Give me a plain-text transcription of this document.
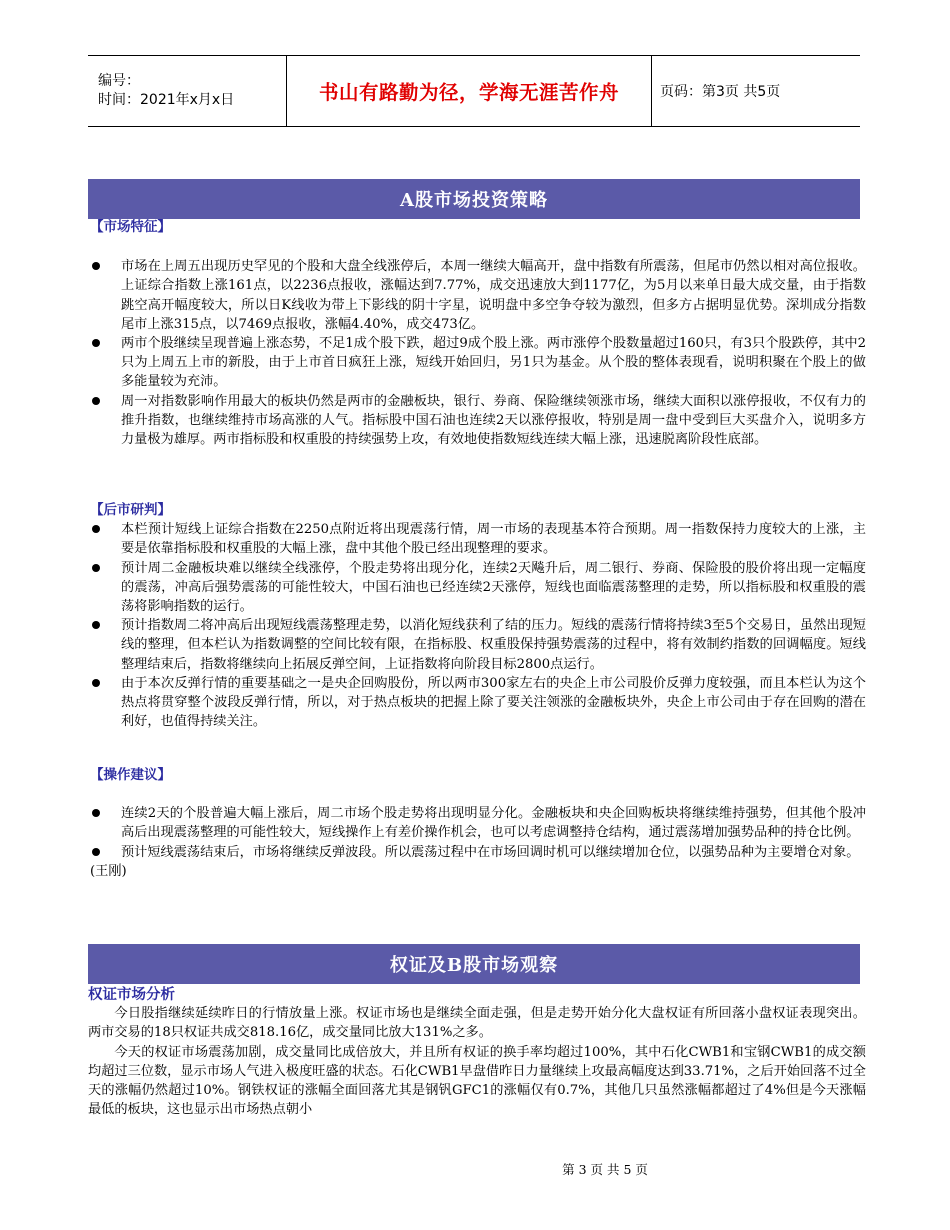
编号：
时间：2021年x月x日	书山有路勤为径，学海无涯苦作舟	页码：第3页 共5页
A股市场投资策略
【市场特征】
市场在上周五出现历史罕见的个股和大盘全线涨停后，本周一继续大幅高开，盘中指数有所震荡，但尾市仍然以相对高位报收。上证综合指数上涨161点，以2236点报收，涨幅达到7.77%，成交迅速放大到1177亿，为5月以来单日最大成交量，由于指数跳空高开幅度较大，所以日K线收为带上下影线的阴十字星，说明盘中多空争夺较为激烈，但多方占据明显优势。深圳成分指数尾市上涨315点，以7469点报收，涨幅4.40%，成交473亿。
两市个股继续呈现普遍上涨态势，不足1成个股下跌，超过9成个股上涨。两市涨停个股数量超过160只，有3只个股跌停，其中2只为上周五上市的新股，由于上市首日疯狂上涨，短线开始回归，另1只为基金。从个股的整体表现看，说明积聚在个股上的做多能量较为充沛。
周一对指数影响作用最大的板块仍然是两市的金融板块，银行、券商、保险继续领涨市场，继续大面积以涨停报收，不仅有力的推升指数，也继续维持市场高涨的人气。指标股中国石油也连续2天以涨停报收，特别是周一盘中受到巨大买盘介入，说明多方力量极为雄厚。两市指标股和权重股的持续强势上攻，有效地使指数短线连续大幅上涨，迅速脱离阶段性底部。
【后市研判】
本栏预计短线上证综合指数在2250点附近将出现震荡行情，周一市场的表现基本符合预期。周一指数保持力度较大的上涨，主要是依靠指标股和权重股的大幅上涨，盘中其他个股已经出现整理的要求。
预计周二金融板块难以继续全线涨停，个股走势将出现分化，连续2天飚升后，周二银行、券商、保险股的股价将出现一定幅度的震荡，冲高后强势震荡的可能性较大，中国石油也已经连续2天涨停，短线也面临震荡整理的走势，所以指标股和权重股的震荡将影响指数的运行。
预计指数周二将冲高后出现短线震荡整理走势，以消化短线获利了结的压力。短线的震荡行情将持续3至5个交易日，虽然出现短线的整理，但本栏认为指数调整的空间比较有限，在指标股、权重股保持强势震荡的过程中，将有效制约指数的回调幅度。短线整理结束后，指数将继续向上拓展反弹空间，上证指数将向阶段目标2800点运行。
由于本次反弹行情的重要基础之一是央企回购股份，所以两市300家左右的央企上市公司股价反弹力度较强，而且本栏认为这个热点将贯穿整个波段反弹行情，所以，对于热点板块的把握上除了要关注领涨的金融板块外，央企上市公司由于存在回购的潜在利好，也值得持续关注。
【操作建议】
连续2天的个股普遍大幅上涨后，周二市场个股走势将出现明显分化。金融板块和央企回购板块将继续维持强势，但其他个股冲高后出现震荡整理的可能性较大，短线操作上有差价操作机会，也可以考虑调整持仓结构，通过震荡增加强势品种的持仓比例。
预计短线震荡结束后，市场将继续反弹波段。所以震荡过程中在市场回调时机可以继续增加仓位，以强势品种为主要增仓对象。
(王刚)
权证及B股市场观察
权证市场分析

今日股指继续延续昨日的行情放量上涨。权证市场也是继续全面走强，但是走势开始分化大盘权证有所回落小盘权证表现突出。两市交易的18只权证共成交818.16亿，成交量同比放大131%之多。

今天的权证市场震荡加剧，成交量同比成倍放大，并且所有权证的换手率均超过100%，其中石化CWB1和宝钢CWB1的成交额均超过三位数，显示市场人气进入极度旺盛的状态。石化CWB1早盘借昨日力量继续上攻最高幅度达到33.71%，之后开始回落不过全天的涨幅仍然超过10%。钢铁权证的涨幅全面回落尤其是钢钒GFC1的涨幅仅有0.7%，其他几只虽然涨幅都超过了4%但是今天涨幅最低的板块，这也显示出市场热点朝小

第 3 页 共 5 页
